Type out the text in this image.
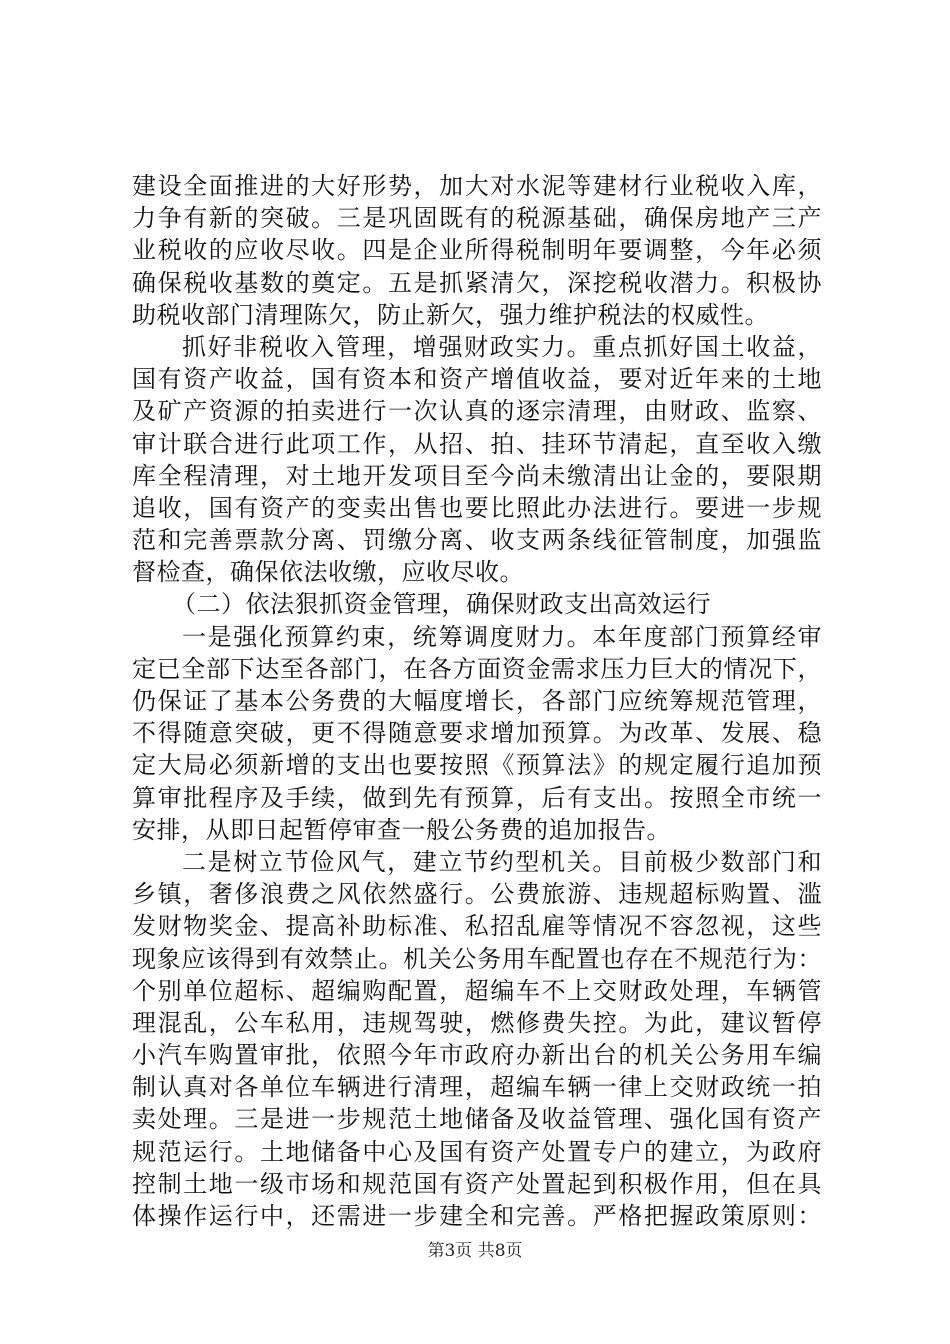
建设全面推进的大好形势，加大对水泥等建材行业税收入库，
力争有新的突破。三是巩固既有的税源基础，确保房地产三产
业税收的应收尽收。四是企业所得税制明年要调整，今年必须
确保税收基数的奠定。五是抓紧清欠，深挖税收潜力。积极协
助税收部门清理陈欠，防止新欠，强力维护税法的权威性。
抓好非税收入管理，增强财政实力。重点抓好国土收益，
国有资产收益，国有资本和资产增值收益，要对近年来的土地
及矿产资源的拍卖进行一次认真的逐宗清理，由财政、监察、
审计联合进行此项工作，从招、拍、挂环节清起，直至收入缴
库全程清理，对土地开发项目至今尚未缴清出让金的，要限期
追收，国有资产的变卖出售也要比照此办法进行。要进一步规
范和完善票款分离、罚缴分离、收支两条线征管制度，加强监
督检查，确保依法收缴，应收尽收。
（二）依法狠抓资金管理，确保财政支出高效运行
一是强化预算约束，统筹调度财力。本年度部门预算经审
定已全部下达至各部门，在各方面资金需求压力巨大的情况下，
仍保证了基本公务费的大幅度增长，各部门应统筹规范管理，
不得随意突破，更不得随意要求增加预算。为改革、发展、稳
定大局必须新增的支出也要按照《预算法》的规定履行追加预
算审批程序及手续，做到先有预算，后有支出。按照全市统一
安排，从即日起暂停审查一般公务费的追加报告。
二是树立节俭风气，建立节约型机关。目前极少数部门和
乡镇，奢侈浪费之风依然盛行。公费旅游、违规超标购置、滥
发财物奖金、提高补助标准、私招乱雇等情况不容忽视，这些
现象应该得到有效禁止。机关公务用车配置也存在不规范行为：
个别单位超标、超编购配置，超编车不上交财政处理，车辆管
理混乱，公车私用，违规驾驶，燃修费失控。为此，建议暂停
小汽车购置审批，依照今年市政府办新出台的机关公务用车编
制认真对各单位车辆进行清理，超编车辆一律上交财政统一拍
卖处理。三是进一步规范土地储备及收益管理、强化国有资产
规范运行。土地储备中心及国有资产处置专户的建立，为政府
控制土地一级市场和规范国有资产处置起到积极作用，但在具
体操作运行中，还需进一步建全和完善。严格把握政策原则：
第3页 共8页
